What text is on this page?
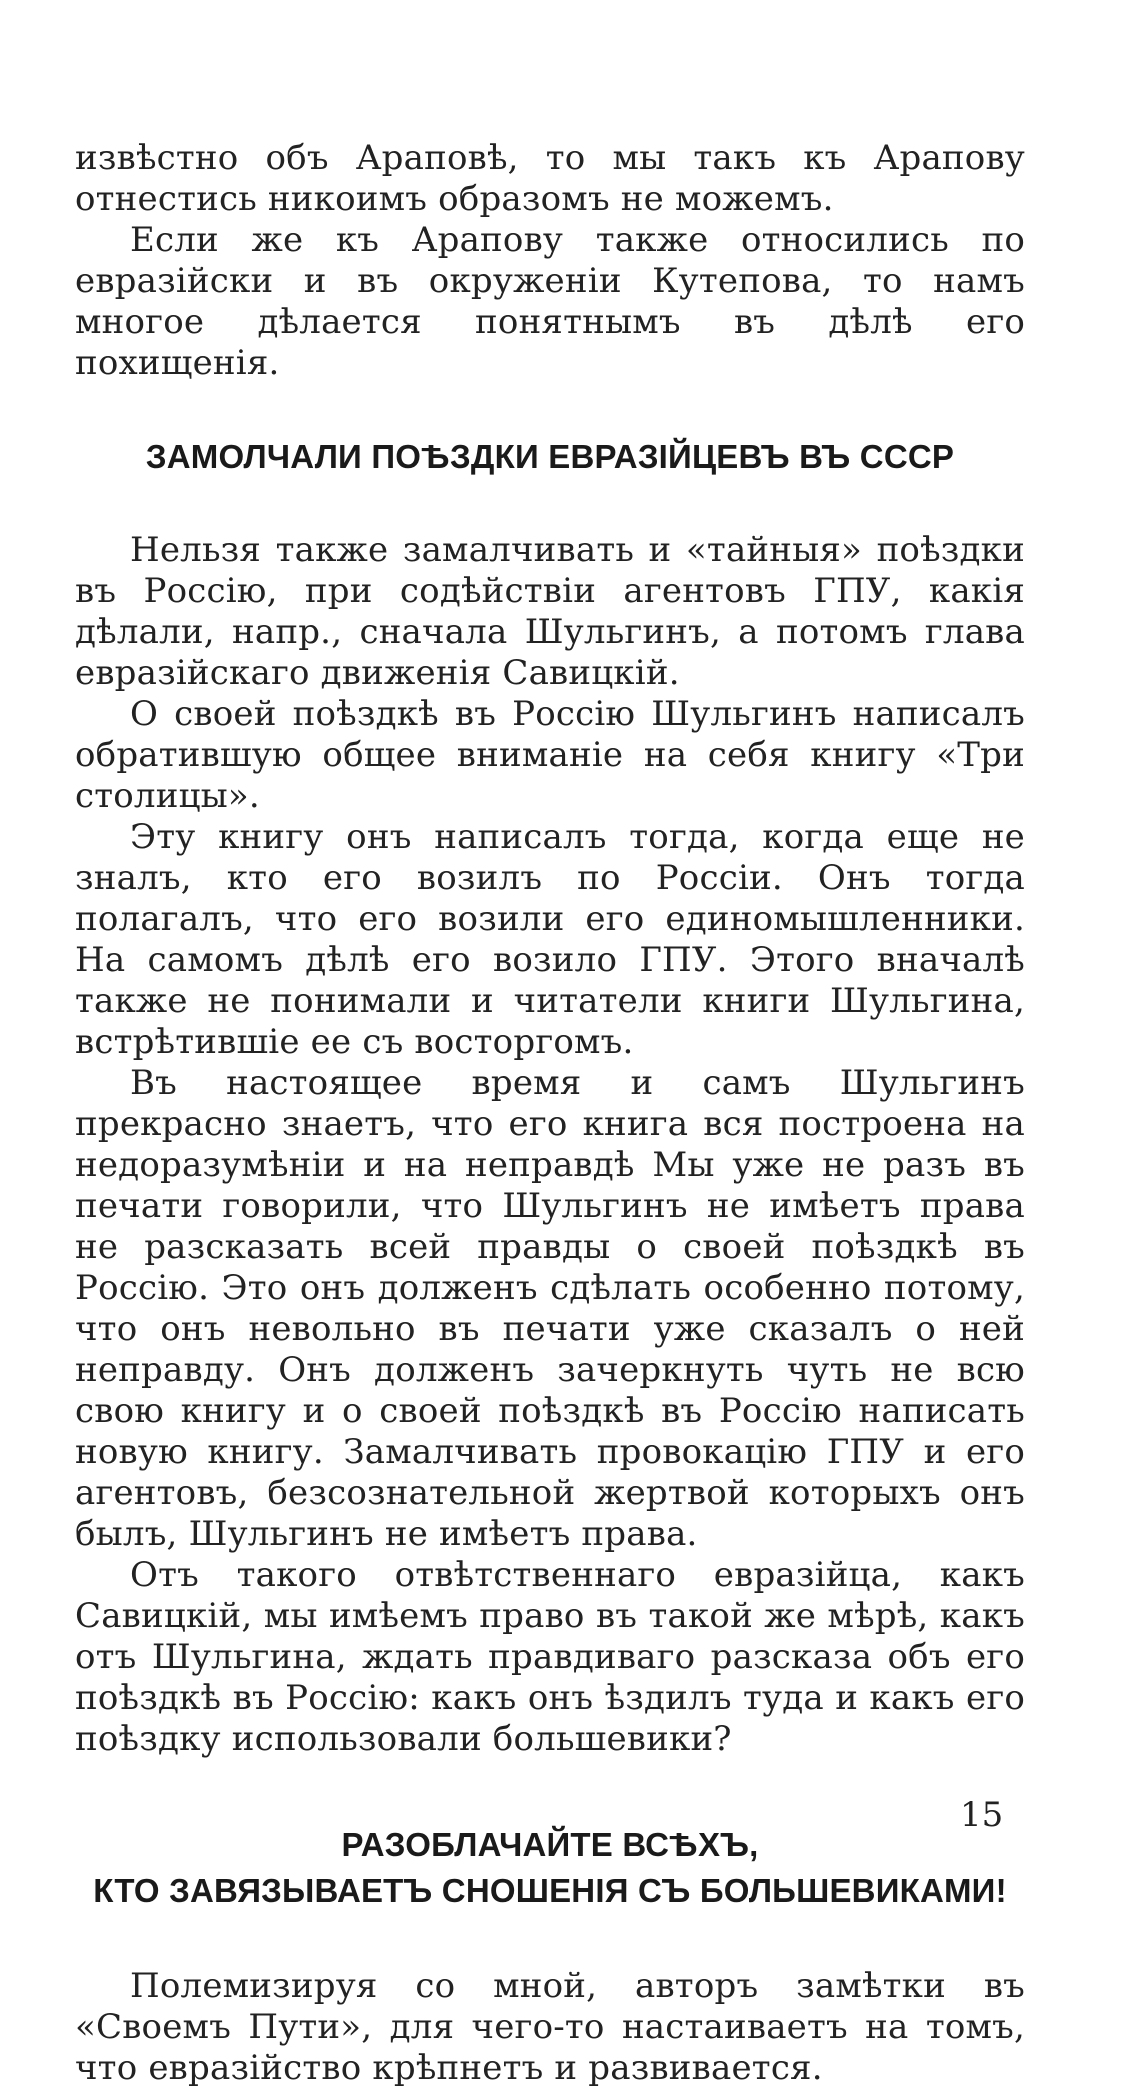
извѣстно объ Араповѣ, то мы такъ къ Арапову отнестись никоимъ образомъ не можемъ.

Если же къ Арапову также относились по евразійски и въ окруженіи Кутепова, то намъ многое дѣлается понятнымъ въ дѣлѣ его похищенія.

ЗАМОЛЧАЛИ ПОѢЗДКИ ЕВРАЗІЙЦЕВЪ ВЪ СССР

Нельзя также замалчивать и «тайныя» поѣздки въ Россію, при содѣйствіи агентовъ ГПУ, какія дѣлали, напр., сначала Шульгинъ, а потомъ глава евразійскаго движенія Савицкій.

О своей поѣздкѣ въ Россію Шульгинъ написалъ обратившую общее вниманіе на себя книгу «Три столицы».

Эту книгу онъ написалъ тогда, когда еще не зналъ, кто его возилъ по Россіи. Онъ тогда полагалъ, что его возили его единомышленники. На самомъ дѣлѣ его возило ГПУ. Этого вначалѣ также не понимали и читатели книги Шульгина, встрѣтившіе ее съ восторгомъ.

Въ настоящее время и самъ Шульгинъ прекрасно знаетъ, что его книга вся построена на недоразумѣніи и на неправдѣ Мы уже не разъ въ печати говорили, что Шульгинъ не имѣетъ права не разсказать всей правды о своей поѣздкѣ въ Россію. Это онъ долженъ сдѣлать особенно потому, что онъ невольно въ печати уже сказалъ о ней неправду. Онъ долженъ зачеркнуть чуть не всю свою книгу и о своей поѣздкѣ въ Россію написать новую книгу. Замалчивать провокацію ГПУ и его агентовъ, безсознательной жертвой которыхъ онъ былъ, Шульгинъ не имѣетъ права.

Отъ такого отвѣтственнаго евразійца, какъ Савицкій, мы имѣемъ право въ такой же мѣрѣ, какъ отъ Шульгина, ждать правдиваго разсказа объ его поѣздкѣ въ Россію: какъ онъ ѣздилъ туда и какъ его поѣздку использовали большевики?

РАЗОБЛАЧАЙТЕ ВСѢХЪ,
КТО ЗАВЯЗЫВАЕТЪ СНОШЕНІЯ СЪ БОЛЬШЕВИКАМИ!

Полемизируя со мной, авторъ замѣтки въ «Своемъ Пути», для чего-то настаиваетъ на томъ, что евразійство крѣпнетъ и развивается.

15
